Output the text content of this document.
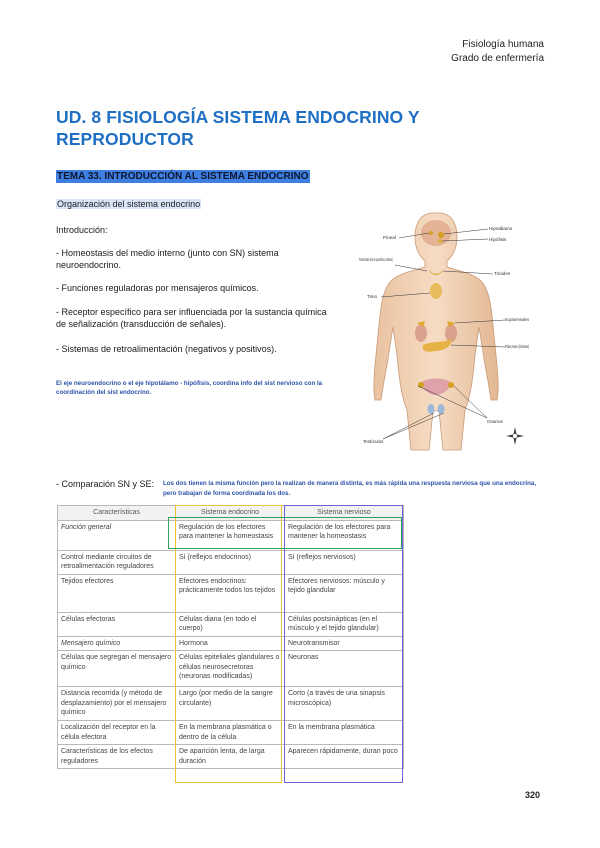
Fisiología humana
Grado de enfermería
UD. 8 FISIOLOGÍA SISTEMA ENDOCRINO Y REPRODUCTOR
TEMA 33. INTRODUCCIÓN AL SISTEMA ENDOCRINO
Organización del sistema endocrino
Introducción:
- Homeostasis del medio interno (junto con SN) sistema neuroendocrino.
- Funciones reguladoras por mensajeros químicos.
- Receptor específico para ser influenciada por la sustancia química de señalización (transducción de señales).
- Sistemas de retroalimentación (negativos y positivos).
El eje neuroendocrino o el eje hipotálamo - hipófisis, coordina info del sist nervioso con la coordinación del sist endocrino.
Hipotálamo
Hipófisis
Pineal
Paratiroides (en la superficie posterior)
Tiroides
Timo
Suprarrenales
Páncreas (islotes)
Ovarios
Testículos
- Comparación SN y SE: Los dos tienen la misma función pero la realizan de manera distinta, es más rápida una respuesta nerviosa que una endocrina, pero trabajan de forma coordinada los dos.
Características	Sistema endocrino	Sistema nervioso
Función general	Regulación de los efectores para mantener la homeostasis	Regulación de los efectores para mantener la homeostasis
Control mediante circuitos de retroalimentación reguladores	Sí (reflejos endocrinos)	Sí (reflejos nerviosos)
Tejidos efectores	Efectores endocrinos: prácticamente todos los tejidos	Efectores nerviosos: músculo y tejido glandular
Células efectoras	Células diana (en todo el cuerpo)	Células postsinápticas (en el músculo y el tejido glandular)
Mensajero químico	Hormona	Neurotransmisor
Células que segregan el mensajero químico	Células epiteliales glandulares o células neurosecretoras (neuronas modificadas)	Neuronas
Distancia recorrida (y método de desplazamiento) por el mensajero químico	Largo (por medio de la sangre circulante)	Corto (a través de una sinapsis microscópica)
Localización del receptor en la célula efectora	En la membrana plasmática o dentro de la célula	En la membrana plasmática
Características de los efectos reguladores	De aparición lenta, de larga duración	Aparecen rápidamente, duran poco
320
